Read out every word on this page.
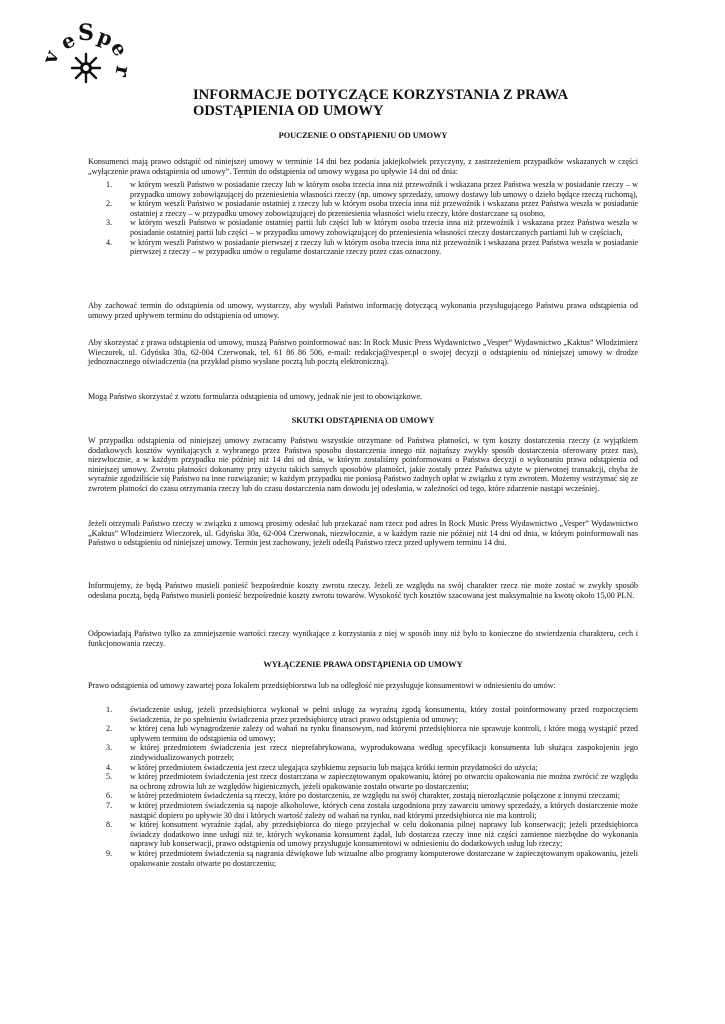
v
e S p
e
r
INFORMACJE DOTYCZĄCE KORZYSTANIA Z PRAWA
ODSTĄPIENIA OD UMOWY
POUCZENIE O ODSTĄPIENIU OD UMOWY

Konsumenci mają prawo odstąpić od niniejszej umowy w terminie 14 dni bez podania jakiejkolwiek przyczyny, z zastrzeżeniem przypadków wskazanych w części „wyłączenie prawa odstąpienia od umowy”. Termin do odstąpienia od umowy wygasa po upływie 14 dni od dnia:

1. w którym weszli Państwo w posiadanie rzeczy lub w którym osoba trzecia inna niż przewoźnik i wskazana przez Państwa weszła w posiadanie rzeczy – w przypadku umowy zobowiązującej do przeniesienia własności rzeczy (np. umowy sprzedaży, umowy dostawy lub umowy o dzieło będące rzeczą ruchomą),
2. w którym weszli Państwo w posiadanie ostatniej z rzeczy lub w którym osoba trzecia inna niż przewoźnik i wskazana przez Państwa weszła w posiadanie ostatniej z rzeczy – w przypadku umowy zobowiązującej do przeniesienia własności wielu rzeczy, które dostarczane są osobno,
3. w którym weszli Państwo w posiadanie ostatniej partii lub części lub w którym osoba trzecia inna niż przewoźnik i wskazana przez Państwa weszła w posiadanie ostatniej partii lub części – w przypadku umowy zobowiązującej do przeniesienia własności rzeczy dostarczanych partiami lub w częściach,
4. w którym weszli Państwo w posiadanie pierwszej z rzeczy lub w którym osoba trzecia inna niż przewoźnik i wskazana przez Państwa weszła w posiadanie pierwszej z rzeczy – w przypadku umów o regularne dostarczanie rzeczy przez czas oznaczony.

Aby zachować termin do odstąpienia od umowy, wystarczy, aby wysłali Państwo informację dotyczącą wykonania przysługującego Państwu prawa odstąpienia od umowy przed upływem terminu do odstąpienia od umowy.

Aby skorzystać z prawa odstąpienia od umowy, muszą Państwo poinformować nas: In Rock Music Press Wydawnictwo „Vesper” Wydawnictwo „Kaktus” Włodzimierz Wieczorek, ul. Gdyńska 30a, 62-004 Czerwonak, tel. 61 86 86 506, e-mail: redakcja@vesper.pl o swojej decyzji o odstąpieniu od niniejszej umowy w drodze jednoznacznego oświadczenia (na przykład pismo wysłane pocztą lub pocztą elektroniczną).

Mogą Państwo skorzystać z wzoru formularza odstąpienia od umowy, jednak nie jest to obowiązkowe.

SKUTKI ODSTĄPIENIA OD UMOWY

W przypadku odstąpienia od niniejszej umowy zwracamy Państwu wszystkie otrzymane od Państwa płatności, w tym koszty dostarczenia rzeczy (z wyjątkiem dodatkowych kosztów wynikających z wybranego przez Państwa sposobu dostarczenia innego niż najtańszy zwykły sposób dostarczenia oferowany przez nas), niezwłocznie, a w każdym przypadku nie później niż 14 dni od dnia, w którym zostaliśmy poinformowani o Państwa decyzji o wykonaniu prawa odstąpienia od niniejszej umowy. Zwrotu płatności dokonamy przy użyciu takich samych sposobów płatności, jakie zostały przez Państwa użyte w pierwotnej transakcji, chyba że wyraźnie zgodziliście się Państwo na inne rozwiązanie; w każdym przypadku nie poniosą Państwo żadnych opłat w związku z tym zwrotem. Możemy wstrzymać się ze zwrotem płatności do czasu otrzymania rzeczy lub do czasu dostarczenia nam dowodu jej odesłania, w zależności od tego, które zdarzenie nastąpi wcześniej.

Jeżeli otrzymali Państwo rzeczy w związku z umową prosimy odesłać lub przekazać nam rzecz pod adres In Rock Music Press Wydawnictwo „Vesper” Wydawnictwo „Kaktus” Włodzimierz Wieczorek, ul. Gdyńska 30a, 62-004 Czerwonak, niezwłocznie, a w każdym razie nie później niż 14 dni od dnia, w którym poinformowali nas Państwo o odstąpieniu od niniejszej umowy. Termin jest zachowany, jeżeli odeślą Państwo rzecz przed upływem terminu 14 dni.

Informujemy, że będą Państwo musieli ponieść bezpośrednie koszty zwrotu rzeczy. Jeżeli ze względu na swój charakter rzecz nie może zostać w zwykły sposób odesłana pocztą, będą Państwo musieli ponieść bezpośrednie koszty zwrotu towarów. Wysokość tych kosztów szacowana jest maksymalnie na kwotę około 15,00 PLN.

Odpowiadają Państwo tylko za zmniejszenie wartości rzeczy wynikające z korzystania z niej w sposób inny niż było to konieczne do stwierdzenia charakteru, cech i funkcjonowania rzeczy.

WYŁĄCZENIE PRAWA ODSTĄPIENIA OD UMOWY

Prawo odstąpienia od umowy zawartej poza lokalem przedsiębiorstwa lub na odległość nie przysługuje konsumentowi w odniesieniu do umów:

1. świadczenie usług, jeżeli przedsiębiorca wykonał w pełni usługę za wyraźną zgodą konsumenta, który został poinformowany przed rozpoczęciem świadczenia, że po spełnieniu świadczenia przez przedsiębiorcę utraci prawo odstąpienia od umowy;
2. w której cena lub wynagrodzenie zależy od wahań na rynku finansowym, nad którymi przedsiębiorca nie sprawuje kontroli, i które mogą wystąpić przed upływem terminu do odstąpienia od umowy;
3. w której przedmiotem świadczenia jest rzecz nieprefabrykowana, wyprodukowana według specyfikacji konsumenta lub służąca zaspokojeniu jego zindywidualizowanych potrzeb;
4. w której przedmiotem świadczenia jest rzecz ulegająca szybkiemu zepsuciu lub mająca krótki termin przydatności do użycia;
5. w której przedmiotem świadczenia jest rzecz dostarczana w zapieczętowanym opakowaniu, której po otwarciu opakowania nie można zwrócić ze względu na ochronę zdrowia lub ze względów higienicznych, jeżeli opakowanie zostało otwarte po dostarczeniu;
6. w której przedmiotem świadczenia są rzeczy, które po dostarczeniu, ze względu na swój charakter, zostają nierozłącznie połączone z innymi rzeczami;
7. w której przedmiotem świadczenia są napoje alkoholowe, których cena została uzgodniona przy zawarciu umowy sprzedaży, a których dostarczenie może nastąpić dopiero po upływie 30 dni i których wartość zależy od wahań na rynku, nad którymi przedsiębiorca nie ma kontroli;
8. w której konsument wyraźnie żądał, aby przedsiębiorca do niego przyjechał w celu dokonania pilnej naprawy lub konserwacji; jeżeli przedsiębiorca świadczy dodatkowo inne usługi niż te, których wykonania konsument żądał, lub dostarcza rzeczy inne niż części zamienne niezbędne do wykonania naprawy lub konserwacji, prawo odstąpienia od umowy przysługuje konsumentowi w odniesieniu do dodatkowych usług lub rzeczy;
9. w której przedmiotem świadczenia są nagrania dźwiękowe lub wizualne albo programy komputerowe dostarczane w zapieczętowanym opakowaniu, jeżeli opakowanie zostało otwarte po dostarczeniu;
